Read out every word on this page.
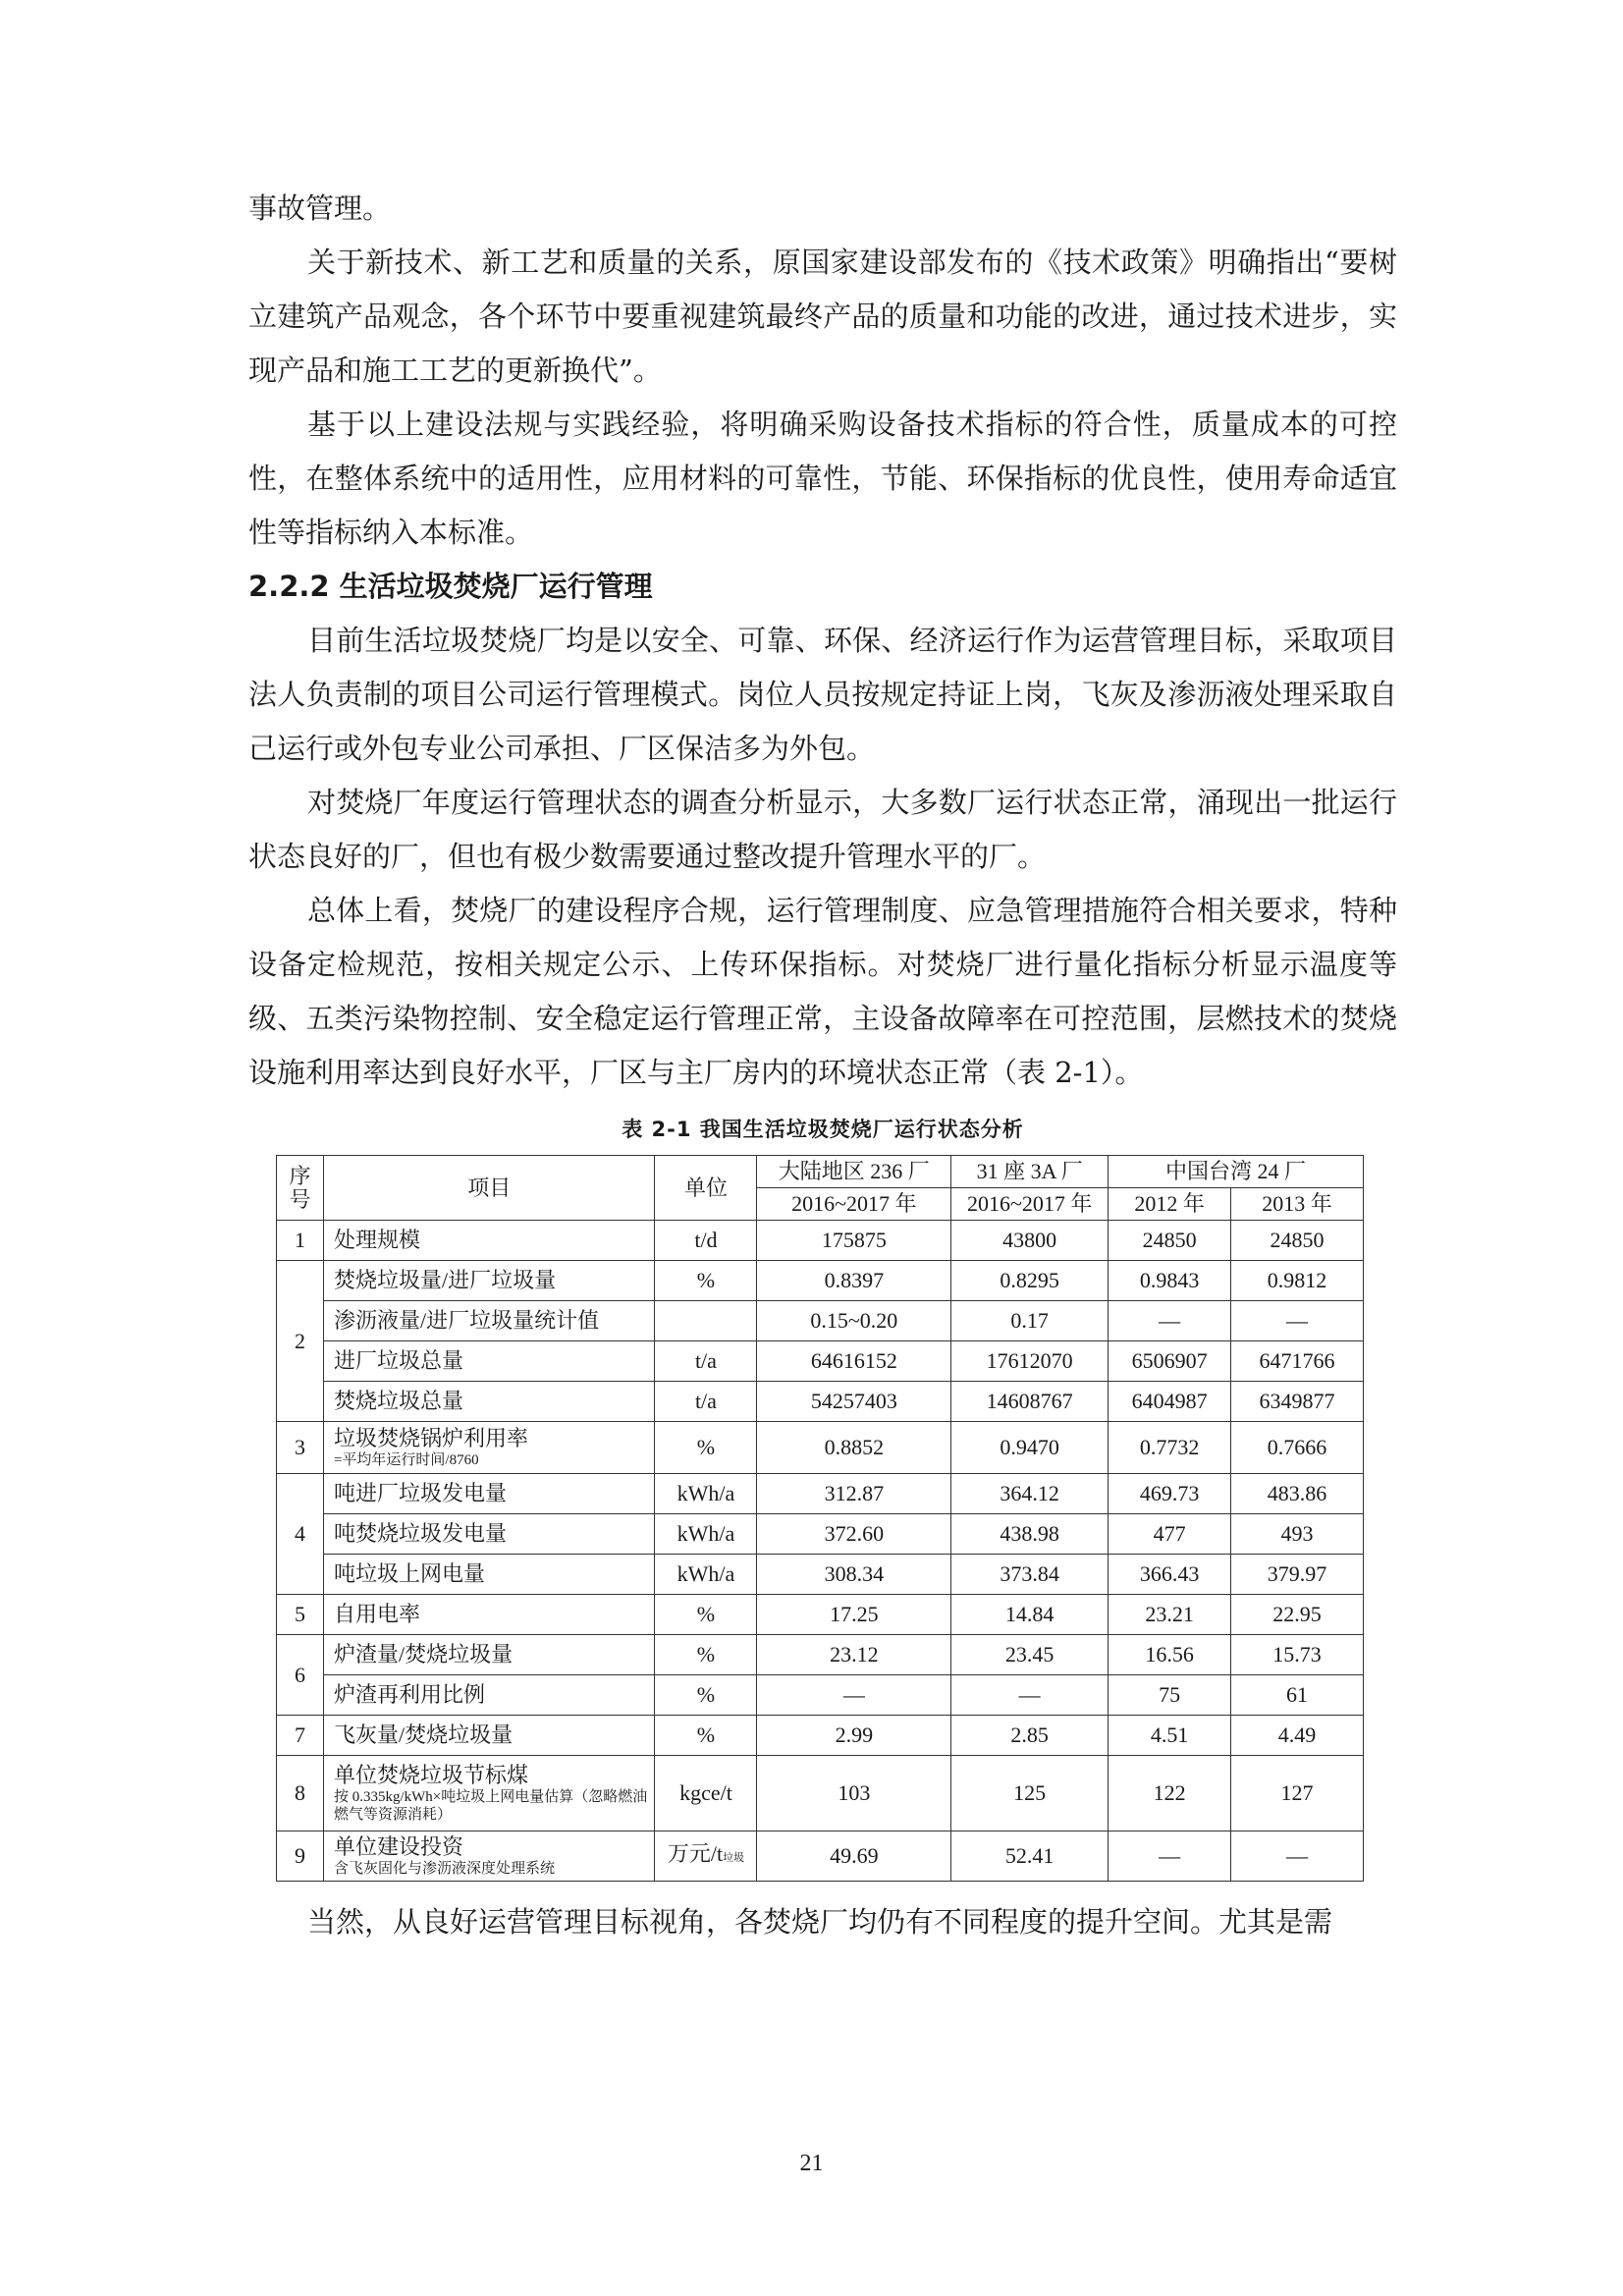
事故管理。

关于新技术、新工艺和质量的关系，原国家建设部发布的《技术政策》明确指出“要树立建筑产品观念，各个环节中要重视建筑最终产品的质量和功能的改进，通过技术进步，实现产品和施工工艺的更新换代”。

基于以上建设法规与实践经验，将明确采购设备技术指标的符合性，质量成本的可控性，在整体系统中的适用性，应用材料的可靠性，节能、环保指标的优良性，使用寿命适宜性等指标纳入本标准。

2.2.2 生活垃圾焚烧厂运行管理

目前生活垃圾焚烧厂均是以安全、可靠、环保、经济运行作为运营管理目标，采取项目法人负责制的项目公司运行管理模式。岗位人员按规定持证上岗，飞灰及渗沥液处理采取自己运行或外包专业公司承担、厂区保洁多为外包。

对焚烧厂年度运行管理状态的调查分析显示，大多数厂运行状态正常，涌现出一批运行状态良好的厂，但也有极少数需要通过整改提升管理水平的厂。

总体上看，焚烧厂的建设程序合规，运行管理制度、应急管理措施符合相关要求，特种设备定检规范，按相关规定公示、上传环保指标。对焚烧厂进行量化指标分析显示温度等级、五类污染物控制、安全稳定运行管理正常，主设备故障率在可控范围，层燃技术的焚烧设施利用率达到良好水平，厂区与主厂房内的环境状态正常（表 2-1）。

表 2-1 我国生活垃圾焚烧厂运行状态分析
序号	项目	单位	大陆地区 236 厂	31 座 3A 厂	中国台湾 24 厂	
			2016~2017 年	2016~2017 年	2012 年	2013 年
1	处理规模	t/d	175875	43800	24850	24850
2	焚烧垃圾量/进厂垃圾量	%	0.8397	0.8295	0.9843	0.9812
	渗沥液量/进厂垃圾量统计值		0.15~0.20	0.17	—	—
	进厂垃圾总量	t/a	64616152	17612070	6506907	6471766
	焚烧垃圾总量	t/a	54257403	14608767	6404987	6349877
3	垃圾焚烧锅炉利用率
=平均年运行时间/8760	%	0.8852	0.9470	0.7732	0.7666
4	吨进厂垃圾发电量	kWh/a	312.87	364.12	469.73	483.86
	吨焚烧垃圾发电量	kWh/a	372.60	438.98	477	493
	吨垃圾上网电量	kWh/a	308.34	373.84	366.43	379.97
5	自用电率	%	17.25	14.84	23.21	22.95
6	炉渣量/焚烧垃圾量	%	23.12	23.45	16.56	15.73
	炉渣再利用比例	%	—	—	75	61
7	飞灰量/焚烧垃圾量	%	2.99	2.85	4.51	4.49
8	单位焚烧垃圾节标煤
按 0.335kg/kWh×吨垃圾上网电量估算（忽略燃油燃气等资源消耗）	kgce/t	103	125	122	127
9	单位建设投资
含飞灰固化与渗沥液深度处理系统	万元/t垃圾	49.69	52.41	—	—

当然，从良好运营管理目标视角，各焚烧厂均仍有不同程度的提升空间。尤其是需

21
